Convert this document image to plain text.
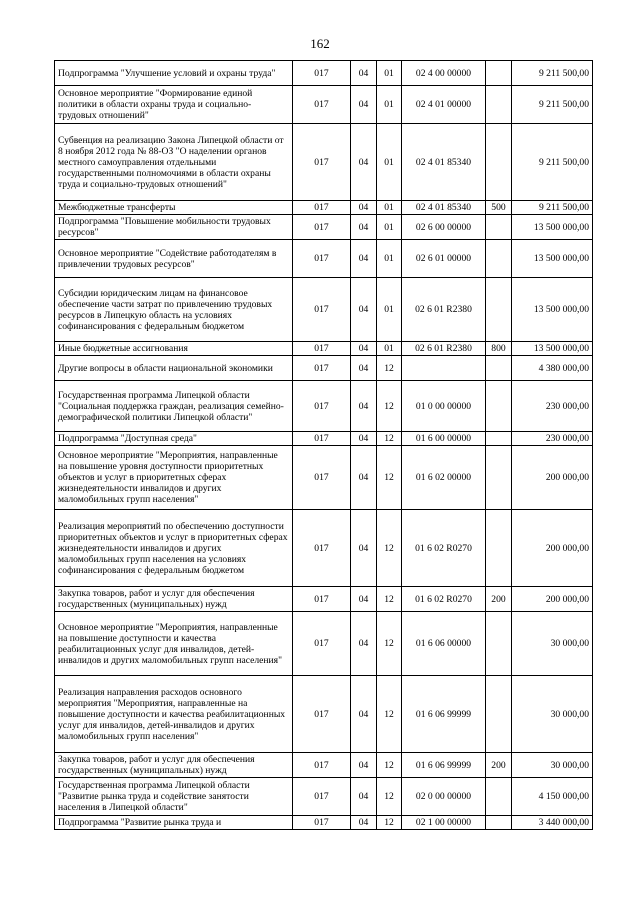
162
Подпрограмма "Улучшение условий и охраны труда"	017	04	01	02 4 00 00000		9 211 500,00
Основное мероприятие "Формирование единой политики в области охраны труда и социально-трудовых отношений"	017	04	01	02 4 01 00000		9 211 500,00
Субвенция на реализацию Закона Липецкой области от 8 ноября 2012 года № 88-ОЗ "О наделении органов местного самоуправления отдельными государственными полномочиями в области охраны труда и социально-трудовых отношений"	017	04	01	02 4 01 85340		9 211 500,00
Межбюджетные трансферты	017	04	01	02 4 01 85340	500	9 211 500,00
Подпрограмма "Повышение мобильности трудовых ресурсов"	017	04	01	02 6 00 00000		13 500 000,00
Основное мероприятие "Содействие работодателям в привлечении трудовых ресурсов"	017	04	01	02 6 01 00000		13 500 000,00
Субсидии юридическим лицам на финансовое обеспечение части затрат по привлечению трудовых ресурсов в Липецкую область на условиях софинансирования с федеральным бюджетом	017	04	01	02 6 01 R2380		13 500 000,00
Иные бюджетные ассигнования	017	04	01	02 6 01 R2380	800	13 500 000,00
Другие вопросы в области национальной экономики	017	04	12			4 380 000,00
Государственная программа Липецкой области "Социальная поддержка граждан, реализация семейно-демографической политики Липецкой области"	017	04	12	01 0 00 00000		230 000,00
Подпрограмма "Доступная среда"	017	04	12	01 6 00 00000		230 000,00
Основное мероприятие "Мероприятия, направленные на повышение уровня доступности приоритетных объектов и услуг в приоритетных сферах жизнедеятельности инвалидов и других маломобильных групп населения"	017	04	12	01 6 02 00000		200 000,00
Реализация мероприятий по обеспечению доступности приоритетных объектов и услуг в приоритетных сферах жизнедеятельности инвалидов и других маломобильных групп населения на условиях софинансирования с федеральным бюджетом	017	04	12	01 6 02 R0270		200 000,00
Закупка товаров, работ и услуг для обеспечения государственных (муниципальных) нужд	017	04	12	01 6 02 R0270	200	200 000,00
Основное мероприятие "Мероприятия, направленные на повышение доступности и качества реабилитационных услуг для инвалидов, детей-инвалидов и других маломобильных групп населения"	017	04	12	01 6 06 00000		30 000,00
Реализация направления расходов основного мероприятия "Мероприятия, направленные на повышение доступности и качества реабилитационных услуг для инвалидов, детей-инвалидов и других маломобильных групп населения"	017	04	12	01 6 06 99999		30 000,00
Закупка товаров, работ и услуг для обеспечения государственных (муниципальных) нужд	017	04	12	01 6 06 99999	200	30 000,00
Государственная программа Липецкой области "Развитие рынка труда и содействие занятости населения в Липецкой области"	017	04	12	02 0 00 00000		4 150 000,00
Подпрограмма "Развитие рынка труда и	017	04	12	02 1 00 00000		3 440 000,00
